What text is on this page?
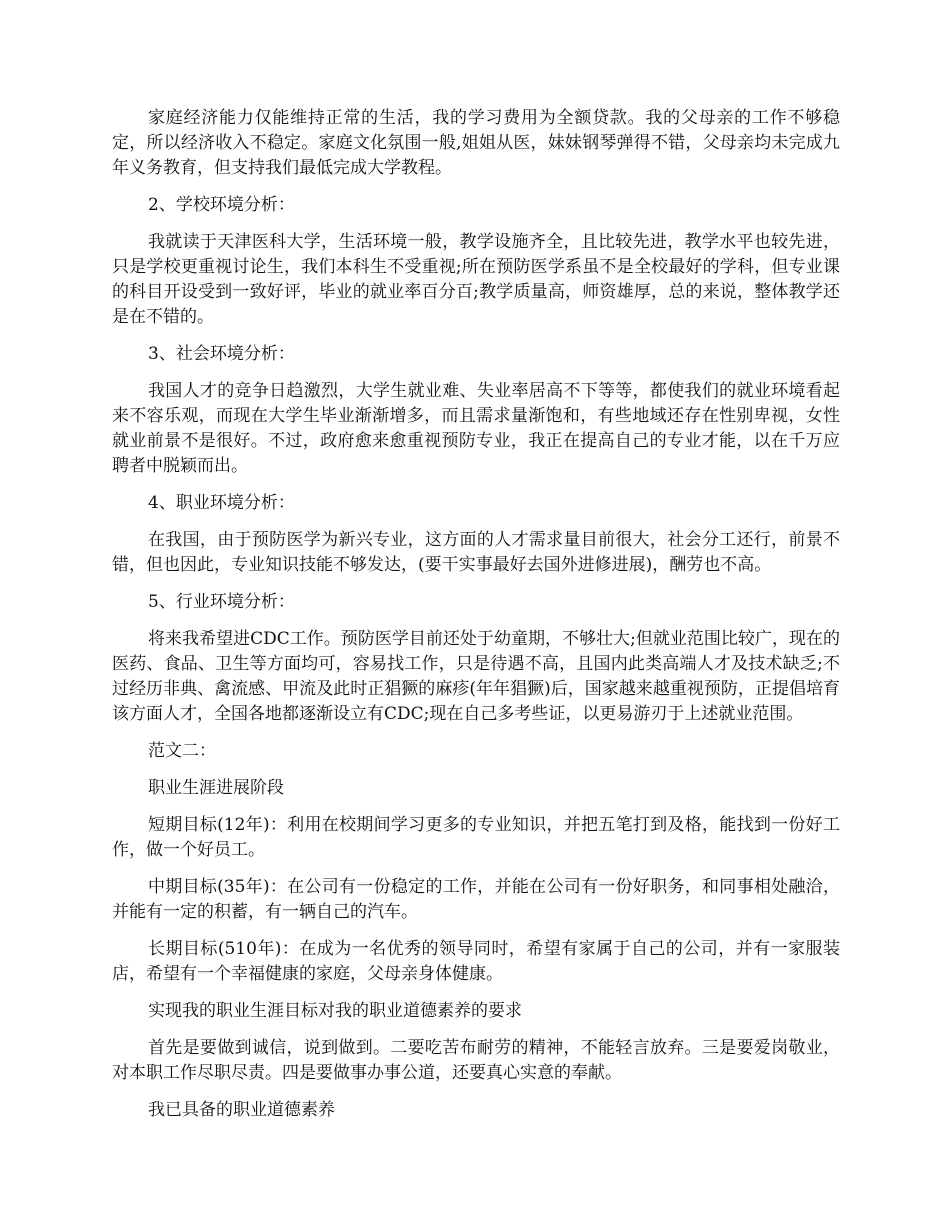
家庭经济能力仅能维持正常的生活，我的学习费用为全额贷款。我的父母亲的工作不够稳定，所以经济收入不稳定。家庭文化氛围一般,姐姐从医，妹妹钢琴弹得不错，父母亲均未完成九年义务教育，但支持我们最低完成大学教程。

2、学校环境分析：

我就读于天津医科大学，生活环境一般，教学设施齐全，且比较先进，教学水平也较先进，只是学校更重视讨论生，我们本科生不受重视;所在预防医学系虽不是全校最好的学科，但专业课的科目开设受到一致好评，毕业的就业率百分百;教学质量高，师资雄厚，总的来说，整体教学还是在不错的。

3、社会环境分析：

我国人才的竞争日趋激烈，大学生就业难、失业率居高不下等等，都使我们的就业环境看起来不容乐观，而现在大学生毕业渐渐增多，而且需求量渐饱和，有些地域还存在性别卑视，女性就业前景不是很好。不过，政府愈来愈重视预防专业，我正在提高自己的专业才能，以在千万应聘者中脱颖而出。

4、职业环境分析：

在我国，由于预防医学为新兴专业，这方面的人才需求量目前很大，社会分工还行，前景不错，但也因此，专业知识技能不够发达，(要干实事最好去国外进修进展)，酬劳也不高。

5、行业环境分析：

将来我希望进CDC工作。预防医学目前还处于幼童期，不够壮大;但就业范围比较广，现在的医药、食品、卫生等方面均可，容易找工作，只是待遇不高，且国内此类高端人才及技术缺乏;不过经历非典、禽流感、甲流及此时正猖獗的麻疹(年年猖獗)后，国家越来越重视预防，正提倡培育该方面人才，全国各地都逐渐设立有CDC;现在自己多考些证，以更易游刃于上述就业范围。

范文二：

职业生涯进展阶段

短期目标(12年)：利用在校期间学习更多的专业知识，并把五笔打到及格，能找到一份好工作，做一个好员工。

中期目标(35年)：在公司有一份稳定的工作，并能在公司有一份好职务，和同事相处融洽，并能有一定的积蓄，有一辆自己的汽车。

长期目标(510年)：在成为一名优秀的领导同时，希望有家属于自己的公司，并有一家服装店，希望有一个幸福健康的家庭，父母亲身体健康。

实现我的职业生涯目标对我的职业道德素养的要求

首先是要做到诚信，说到做到。二要吃苦布耐劳的精神，不能轻言放弃。三是要爱岗敬业，对本职工作尽职尽责。四是要做事办事公道，还要真心实意的奉献。

我已具备的职业道德素养
